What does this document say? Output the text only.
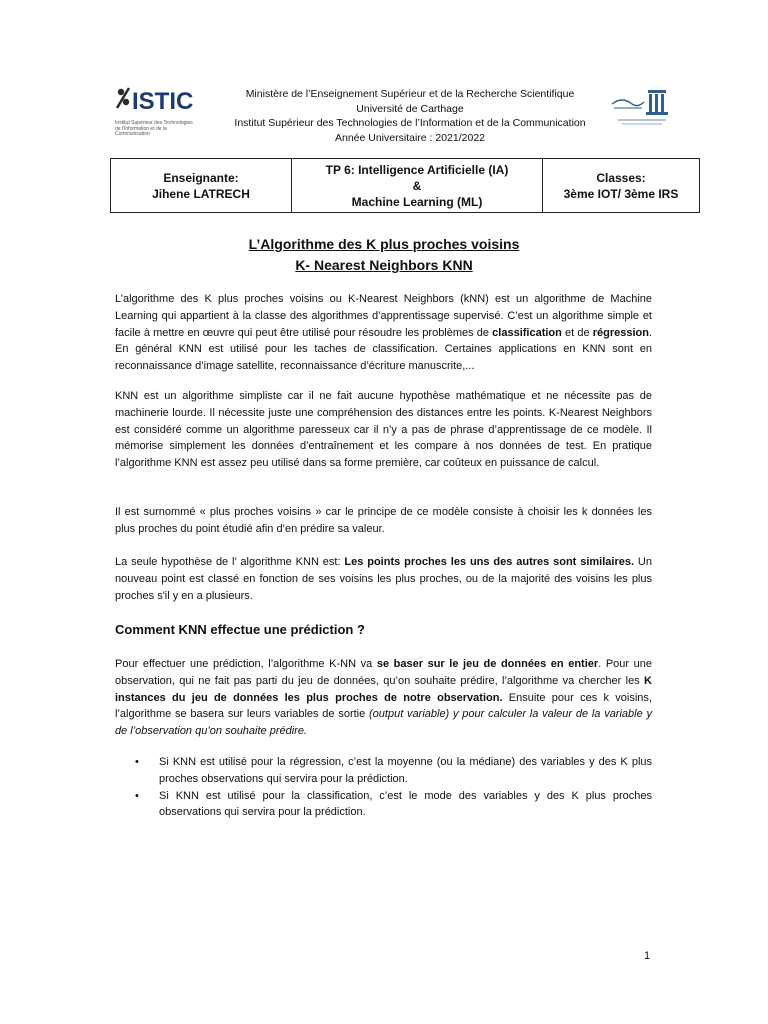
ISTIC
Institut Supérieur des Technologies de l'Information et de la Communication
Ministère de l’Enseignement Supérieur et de la Recherche Scientifique
Université de Carthage
Institut Supérieur des Technologies de l’Information et de la Communication
Année Universitaire : 2021/2022
Enseignante:
Jihene LATRECH

TP 6: Intelligence Artificielle (IA)
&
Machine Learning (ML)

Classes:
3ème IOT/ 3ème IRS
L’Algorithme des K plus proches voisins
K- Nearest Neighbors KNN
L’algorithme des K plus proches voisins ou K-Nearest Neighbors (kNN) est un algorithme de Machine Learning qui appartient à la classe des algorithmes d’apprentissage supervisé. C’est un algorithme simple et facile à mettre en œuvre qui peut être utilisé pour résoudre les problèmes de classification et de régression. En général KNN est utilisé pour les taches de classification. Certaines applications en KNN sont en reconnaissance d’image satellite, reconnaissance d’écriture manuscrite,...
KNN est un algorithme simpliste car il ne fait aucune hypothèse mathématique et ne nécessite pas de machinerie lourde. Il nécessite juste une compréhension des distances entre les points. K-Nearest Neighbors est considéré comme un algorithme paresseux car il n’y a pas de phrase d’apprentissage de ce modèle. Il mémorise simplement les données d’entraînement et les compare à nos données de test. En pratique l’algorithme KNN est assez peu utilisé dans sa forme première, car coûteux en puissance de calcul.
Il est surnommé « plus proches voisins » car le principe de ce modèle consiste à choisir les k données les plus proches du point étudié afin d’en prédire sa valeur.
La seule hypothèse de l’ algorithme KNN est: Les points proches les uns des autres sont similaires. Un nouveau point est classé en fonction de ses voisins les plus proches, ou de la majorité des voisins les plus proches s'il y en a plusieurs.
Comment KNN effectue une prédiction ?
Pour effectuer une prédiction, l’algorithme K-NN va se baser sur le jeu de données en entier. Pour une observation, qui ne fait pas parti du jeu de données, qu’on souhaite prédire, l’algorithme va chercher les K instances du jeu de données les plus proches de notre observation. Ensuite pour ces k voisins, l’algorithme se basera sur leurs variables de sortie (output variable) y pour calculer la valeur de la variable y de l’observation qu’on souhaite prédire.
• Si KNN est utilisé pour la régression, c’est la moyenne (ou la médiane) des variables y des K plus proches observations qui servira pour la prédiction.
• Si KNN est utilisé pour la classification, c’est le mode des variables y des K plus proches observations qui servira pour la prédiction.
1
